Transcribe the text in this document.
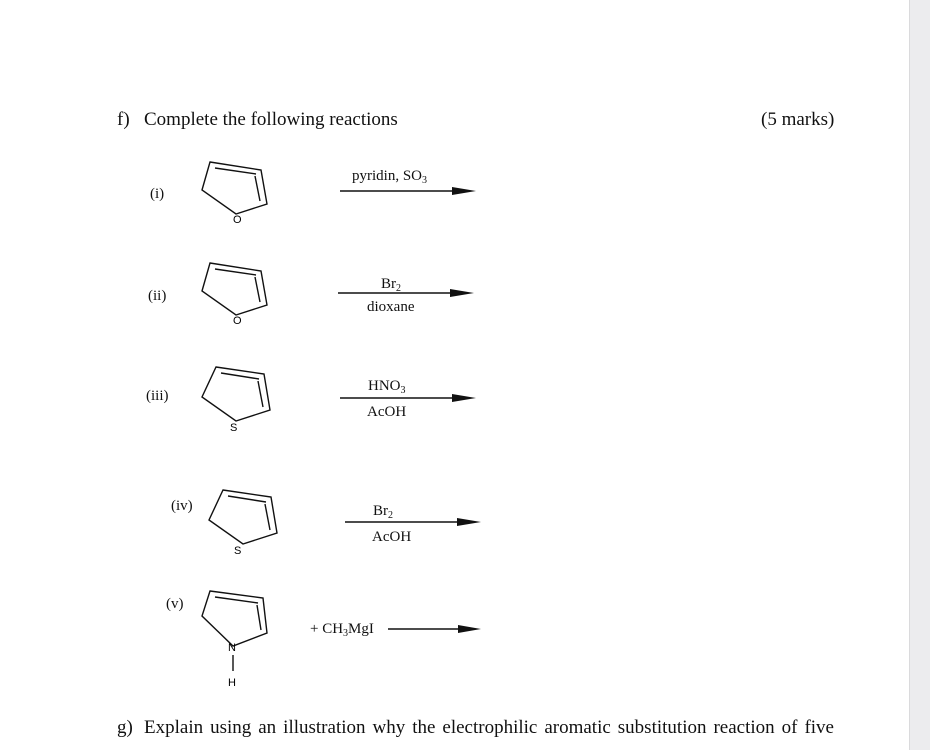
f) Complete the following reactions	(5 marks)
(i)
O
pyridin, $SO_3$
(ii)
O
$Br_2$
dioxane
(iii)
S
$HNO_3$
AcOH
(iv)
S
$Br_2$
AcOH
(v)
N
H
+ $CH_3MgI$
g) Explain using an illustration why the electrophilic aromatic substitution reaction of five
